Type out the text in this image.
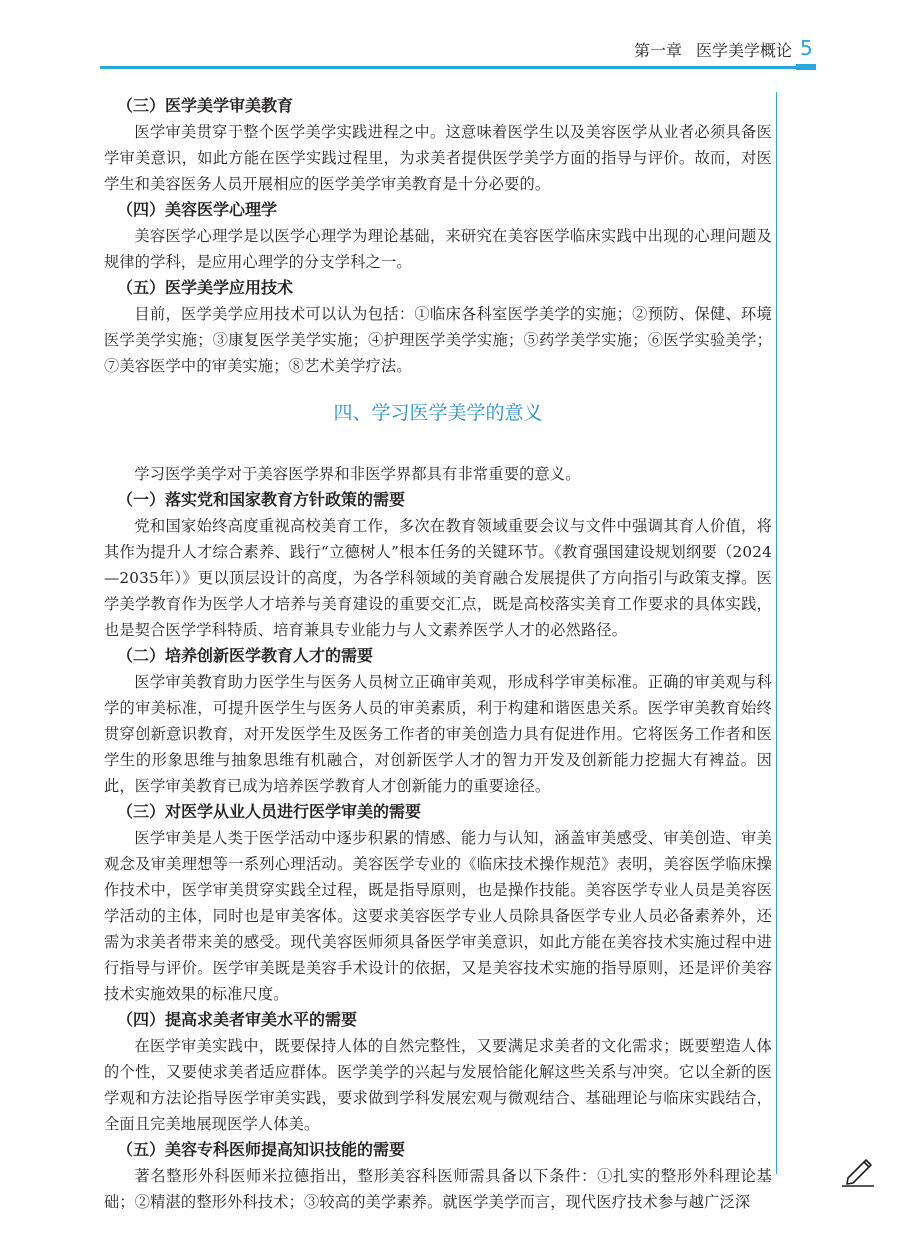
第一章 医学美学概论 5
（三）医学美学审美教育
医学审美贯穿于整个医学美学实践进程之中。这意味着医学生以及美容医学从业者必须具备医学审美意识，如此方能在医学实践过程里，为求美者提供医学美学方面的指导与评价。故而，对医学生和美容医务人员开展相应的医学美学审美教育是十分必要的。
（四）美容医学心理学
美容医学心理学是以医学心理学为理论基础，来研究在美容医学临床实践中出现的心理问题及规律的学科，是应用心理学的分支学科之一。
（五）医学美学应用技术
目前，医学美学应用技术可以认为包括：①临床各科室医学美学的实施；②预防、保健、环境医学美学实施；③康复医学美学实施；④护理医学美学实施；⑤药学美学实施；⑥医学实验美学；⑦美容医学中的审美实施；⑧艺术美学疗法。
四、学习医学美学的意义
学习医学美学对于美容医学界和非医学界都具有非常重要的意义。
（一）落实党和国家教育方针政策的需要
党和国家始终高度重视高校美育工作，多次在教育领域重要会议与文件中强调其育人价值，将其作为提升人才综合素养、践行“立德树人”根本任务的关键环节。《教育强国建设规划纲要（2024—2035年）》更以顶层设计的高度，为各学科领域的美育融合发展提供了方向指引与政策支撑。医学美学教育作为医学人才培养与美育建设的重要交汇点，既是高校落实美育工作要求的具体实践，也是契合医学学科特质、培育兼具专业能力与人文素养医学人才的必然路径。
（二）培养创新医学教育人才的需要
医学审美教育助力医学生与医务人员树立正确审美观，形成科学审美标准。正确的审美观与科学的审美标准，可提升医学生与医务人员的审美素质，利于构建和谐医患关系。医学审美教育始终贯穿创新意识教育，对开发医学生及医务工作者的审美创造力具有促进作用。它将医务工作者和医学生的形象思维与抽象思维有机融合，对创新医学人才的智力开发及创新能力挖掘大有裨益。因此，医学审美教育已成为培养医学教育人才创新能力的重要途径。
（三）对医学从业人员进行医学审美的需要
医学审美是人类于医学活动中逐步积累的情感、能力与认知，涵盖审美感受、审美创造、审美观念及审美理想等一系列心理活动。美容医学专业的《临床技术操作规范》表明，美容医学临床操作技术中，医学审美贯穿实践全过程，既是指导原则，也是操作技能。美容医学专业人员是美容医学活动的主体，同时也是审美客体。这要求美容医学专业人员除具备医学专业人员必备素养外，还需为求美者带来美的感受。现代美容医师须具备医学审美意识，如此方能在美容技术实施过程中进行指导与评价。医学审美既是美容手术设计的依据，又是美容技术实施的指导原则，还是评价美容技术实施效果的标准尺度。
（四）提高求美者审美水平的需要
在医学审美实践中，既要保持人体的自然完整性，又要满足求美者的文化需求；既要塑造人体的个性，又要使求美者适应群体。医学美学的兴起与发展恰能化解这些关系与冲突。它以全新的医学观和方法论指导医学审美实践，要求做到学科发展宏观与微观结合、基础理论与临床实践结合，全面且完美地展现医学人体美。
（五）美容专科医师提高知识技能的需要
著名整形外科医师米拉德指出，整形美容科医师需具备以下条件：①扎实的整形外科理论基础；②精湛的整形外科技术；③较高的美学素养。就医学美学而言，现代医疗技术参与越广泛深
